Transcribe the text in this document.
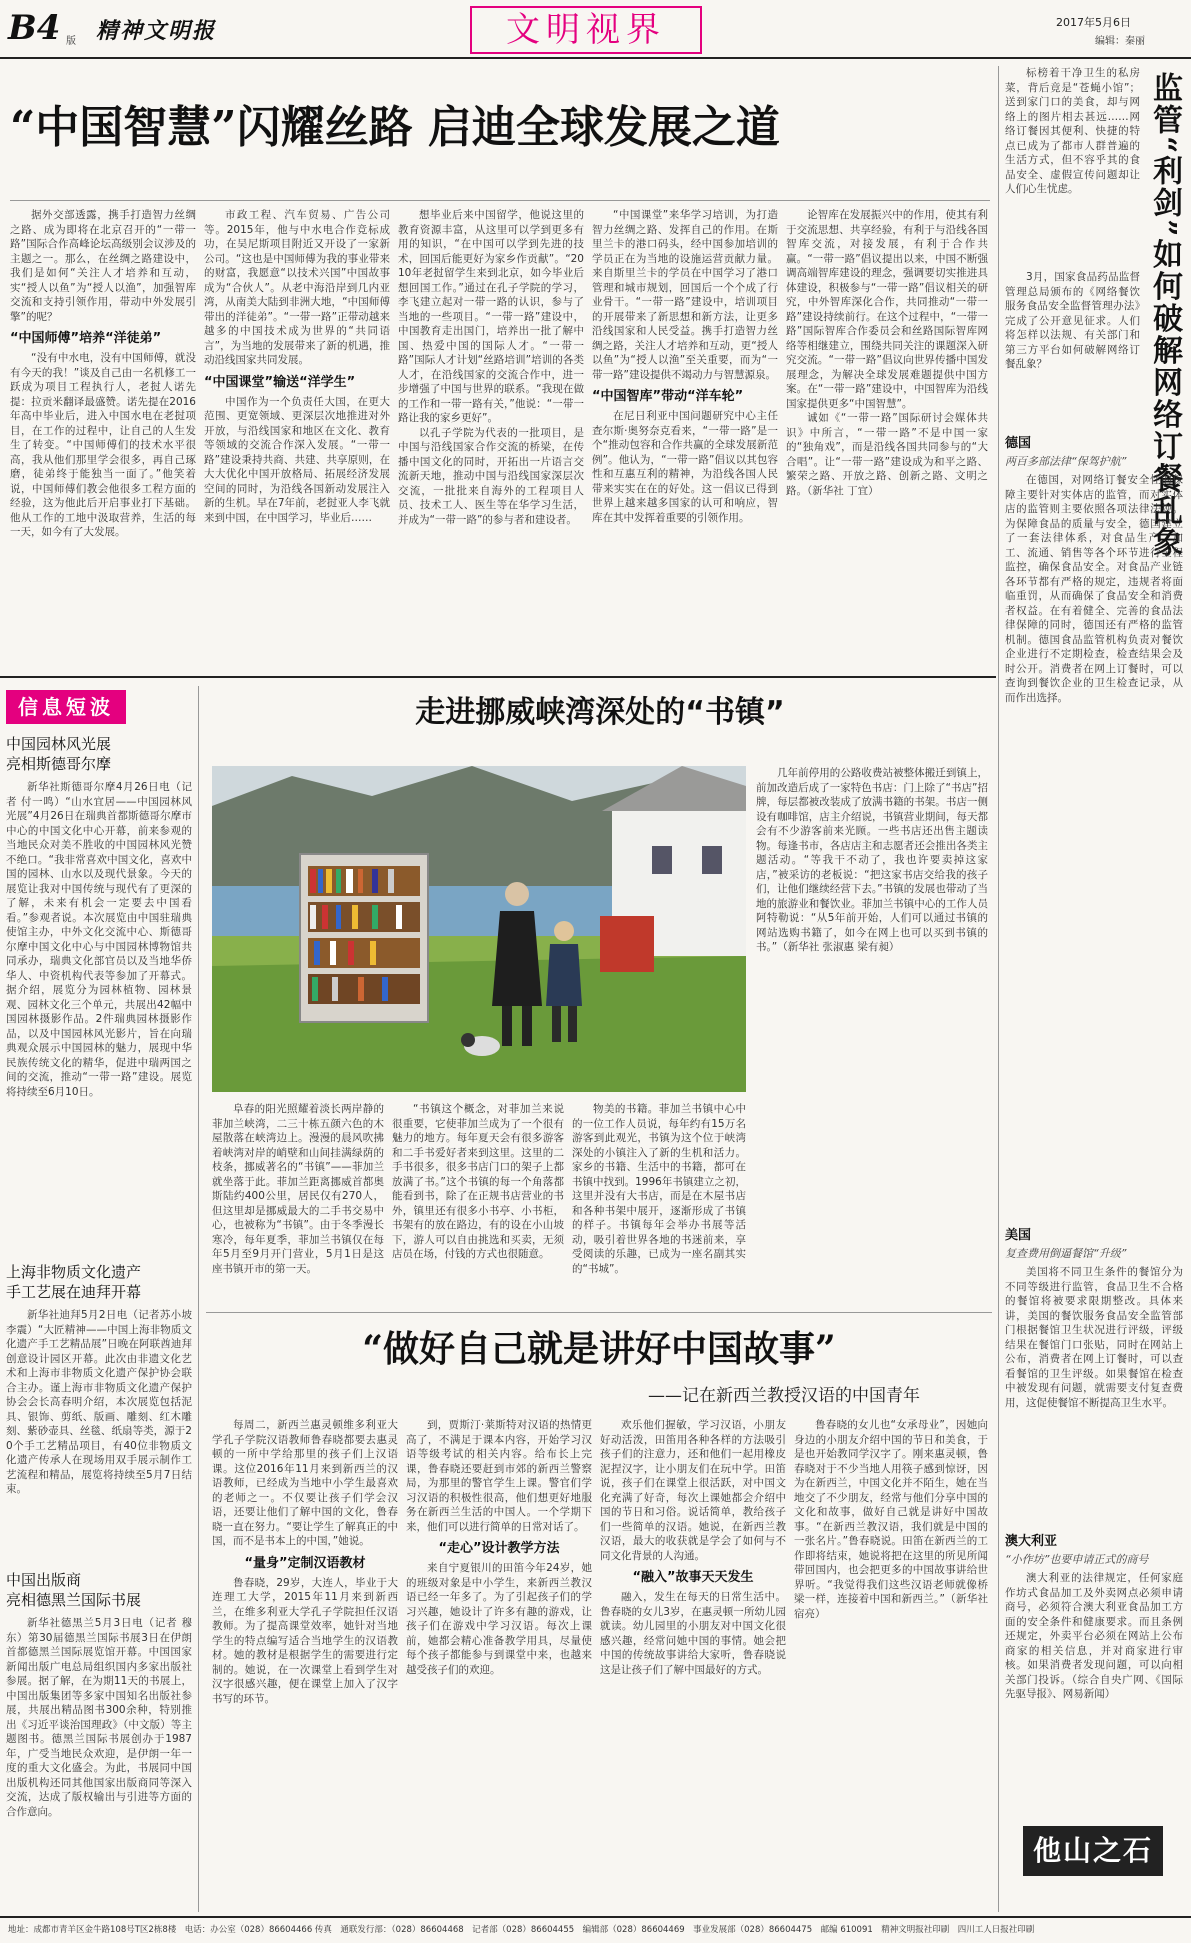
B4 版 精神文明报	文明视界	2017年5月6日
编辑：秦丽

标榜着干净卫生的私房菜，背后竟是“苍蝇小馆”；送到家门口的美食，却与网络上的图片相去甚远……网络订餐因其便利、快捷的特点已成为了都市人群普遍的生活方式，但不容乎其的食品安全、虚假宣传问题却让人们心生忧虑。	监管“利剑”如何破解网络订餐乱象

3月，国家食品药品监督管理总局颁布的《网络餐饮服务食品安全监督管理办法》完成了公开意见征求。人们将怎样以法规、有关部门和第三方平台如何破解网络订餐乱象？

德国
两百多部法律“保驾护航”

在德国，对网络订餐安全性的保障主要针对实体店的监管，而对实体店的监管则主要依照各项法律法规。为保障食品的质量与安全，德国建立了一套法律体系，对食品生产、加工、流通、销售等各个环节进行全程监控，确保食品安全。对食品产业链各环节都有严格的规定，违规者将面临重罚，从而确保了食品安全和消费者权益。在有着健全、完善的食品法律保障的同时，德国还有严格的监管机制。德国食品监管机构负责对餐饮企业进行不定期检查，检查结果会及时公开。消费者在网上订餐时，可以查询到餐饮企业的卫生检查记录，从而作出选择。

美国
复查费用倒逼餐馆“升级”

美国将不同卫生条件的餐馆分为不同等级进行监管，食品卫生不合格的餐馆将被要求限期整改。具体来讲，美国的餐饮服务食品安全监管部门根据餐馆卫生状况进行评级，评级结果在餐馆门口张贴，同时在网站上公布，消费者在网上订餐时，可以查看餐馆的卫生评级。如果餐馆在检查中被发现有问题，就需要支付复查费用，这促使餐馆不断提高卫生水平。

澳大利亚
“小作坊”也要申请正式的商号

澳大利亚的法律规定，任何家庭作坊式食品加工及外卖网点必须申请商号，必须符合澳大利亚食品加工方面的安全条件和健康要求。而且条例还规定，外卖平台必须在网站上公布商家的相关信息，并对商家进行审核。如果消费者发现问题，可以向相关部门投诉。（综合自央广网、《国际先驱导报》、网易新闻）

他山之石
“中国智慧”闪耀丝路 启迪全球发展之道

据外交部透露，携手打造智力丝绸之路、成为即将在北京召开的“一带一路”国际合作高峰论坛高级别会议涉及的主题之一。那么，在丝绸之路建设中，我们是如何“关注人才培养和互动，实“授人以鱼”为“授人以渔”，加强智库交流和支持引领作用，带动中外发展引擎”的呢？

“中国师傅”培养“洋徒弟”

“没有中水电，没有中国师傅，就没有今天的我！”谈及自己由一名机修工一跃成为项目工程执行人，老挝人诺先提：拉贡米翻译最盛赞。诺先提在2016年高中毕业后，进入中国水电在老挝项目，在工作的过程中，让自己的人生发生了转变。“中国师傅们的技术水平很高，我从他们那里学会很多，再自己琢磨，徒弟终于能独当一面了。”他笑着说，中国师傅们教会他很多工程方面的经验，这为他此后开启事业打下基础。他从工作的工地中汲取营养，生活的每一天，如今有了大发展。

市政工程、汽车贸易、广告公司等。2015年，他与中水电合作竞标成功，在吴尼斯项目附近又开设了一家新公司。“这也是中国师傅为我的事业带来的财富，我愿意“以技术兴国”中国故事成为“合伙人”。从老中海沿岸到几内亚湾，从南美大陆到非洲大地，“中国师傅带出的洋徒弟”。“一带一路”正带动越来越多的中国技术成为世界的“共同语言”，为当地的发展带来了新的机遇，推动沿线国家共同发展。

“中国课堂”输送“洋学生”

中国作为一个负责任大国，在更大范围、更宽领域、更深层次地推进对外开放，与沿线国家和地区在文化、教育等领域的交流合作深入发展。“一带一路”建设秉持共商、共建、共享原则，在大大优化中国开放格局、拓展经济发展空间的同时，为沿线各国新动发展注入新的生机。早在7年前，老挝亚人李飞就来到中国，在中国学习，毕业后……

想毕业后来中国留学，他说这里的教育资源丰富，从这里可以学到更多有用的知识，“在中国可以学到先进的技术，回国后能更好为家乡作贡献”。“2010年老挝留学生来到北京，如今毕业后想回国工作。”通过在孔子学院的学习，李飞建立起对一带一路的认识，参与了当地的一些项目。“一带一路”建设中，中国教育走出国门，培养出一批了解中国、热爱中国的国际人才。“一带一路”国际人才计划“丝路培训”培训的各类人才，在沿线国家的交流合作中，进一步增强了中国与世界的联系。“我现在做的工作和一带一路有关，”他说：“一带一路让我的家乡更好”。

以孔子学院为代表的一批项目，是中国与沿线国家合作交流的桥梁，在传播中国文化的同时，开拓出一片语言交流新天地，推动中国与沿线国家深层次交流，一批批来自海外的工程项目人员、技术工人、医生等在华学习生活，并成为“一带一路”的参与者和建设者。

“中国课堂”来华学习培训，为打造智力丝绸之路、发挥自己的作用。在斯里兰卡的港口码头，经中国参加培训的学员正在为当地的设施运营贡献力量。来自斯里兰卡的学员在中国学习了港口管理和城市规划，回国后一个个成了行业骨干。“一带一路”建设中，培训项目的开展带来了新思想和新方法，让更多沿线国家和人民受益。携手打造智力丝绸之路，关注人才培养和互动，更“授人以鱼”为“授人以渔”至关重要，而为“一带一路”建设提供不竭动力与智慧源泉。

“中国智库”带动“洋车轮”

在尼日利亚中国问题研究中心主任查尔斯·奥努奈克看来，“一带一路”是一个“推动包容和合作共赢的全球发展新范例”。他认为，“一带一路”倡议以其包容性和互惠互利的精神，为沿线各国人民带来实实在在的好处。这一倡议已得到世界上越来越多国家的认可和响应，智库在其中发挥着重要的引领作用。

论智库在发展振兴中的作用，使其有利于交流思想、共享经验，有利于与沿线各国智库交流，对接发展，有利于合作共赢。“一带一路”倡议提出以来，中国不断强调高端智库建设的理念，强调要切实推进具体建设，积极参与“一带一路”倡议相关的研究，中外智库深化合作，共同推动“一带一路”建设持续前行。在这个过程中，“一带一路”国际智库合作委员会和丝路国际智库网络等相继建立，围绕共同关注的课题深入研究交流。“一带一路”倡议向世界传播中国发展理念，为解决全球发展难题提供中国方案。在“一带一路”建设中，中国智库为沿线国家提供更多“中国智慧”。

诚如《“一带一路”国际研讨会媒体共识》中所言，“一带一路”不是中国一家的“独角戏”，而是沿线各国共同参与的“大合唱”。让“一带一路”建设成为和平之路、繁荣之路、开放之路、创新之路、文明之路。（新华社 丁宜）

信息短波
中国园林风光展
亮相斯德哥尔摩

新华社斯德哥尔摩4月26日电（记者 付一鸣）“山水宜居——中国园林风光展”4月26日在瑞典首都斯德哥尔摩市中心的中国文化中心开幕，前来参观的当地民众对美不胜收的中国园林风光赞不绝口。“我非常喜欢中国文化，喜欢中国的园林、山水以及现代景象。今天的展览让我对中国传统与现代有了更深的了解，未来有机会一定要去中国看看。”参观者说。本次展览由中国驻瑞典使馆主办，中外文化交流中心、斯德哥尔摩中国文化中心与中国园林博物馆共同承办，瑞典文化部官员以及当地华侨华人、中资机构代表等参加了开幕式。据介绍，展览分为园林植物、园林景观、园林文化三个单元，共展出42幅中国园林摄影作品。2件瑞典园林摄影作品，以及中国园林风光影片，旨在向瑞典观众展示中国园林的魅力，展现中华民族传统文化的精华，促进中瑞两国之间的交流，推动“一带一路”建设。展览将持续至6月10日。

上海非物质文化遗产
手工艺展在迪拜开幕

新华社迪拜5月2日电（记者苏小坡 李震）“大匠精神——中国上海非物质文化遗产手工艺精品展”日晚在阿联酋迪拜创意设计园区开幕。此次由非遗文化艺术和上海市非物质文化遗产保护协会联合主办。谨上海市非物质文化遗产保护协会会长高春明介绍，本次展览包括泥具、银饰、剪纸、版画、雕刻、红木雕刻、紫砂壶具、丝毯、纸扇等类，源于20个手工艺精品项目，有40位非物质文化遗产传承人在现场用双手展示制作工艺流程和精品，展览将持续至5月7日结束。

中国出版商
亮相德黑兰国际书展

新华社德黑兰5月3日电（记者 穆东）第30届德黑兰国际书展3日在伊朗首都德黑兰国际展览馆开幕。中国国家新闻出版广电总局组织国内多家出版社参展。据了解，在为期11天的书展上，中国出版集团等多家中国知名出版社参展，共展出精品图书300余种，特别推出《习近平谈治国理政》（中文版）等主题图书。德黑兰国际书展创办于1987年，广受当地民众欢迎，是伊朗一年一度的重大文化盛会。为此，书展同中国出版机构还同其他国家出版商同等深入交流，达成了版权输出与引进等方面的合作意向。

走进挪威峡湾深处的“书镇”

几年前停用的公路收费站被整体搬迁到镇上，前加改造后成了一家特色书店：门上除了“书店”招牌，每层都被改装成了放满书籍的书架。书店一侧设有咖啡馆，店主介绍说，书镇营业期间，每天都会有不少游客前来光顾。一些书店还出售主题读物。每逢书市，各店店主和志愿者还会推出各类主题活动。“等我干不动了，我也许要卖掉这家店，”被采访的老板说：“把这家书店交给我的孩子们，让他们继续经营下去。”书镇的发展也带动了当地的旅游业和餐饮业。菲加兰书镇中心的工作人员阿特勒说：“从5年前开始，人们可以通过书镇的网站选购书籍了，如今在网上也可以买到书镇的书。”（新华社 张淑惠 梁有昶）

阜春的阳光照耀着淡长两岸静的菲加兰峡湾，二三十栋五颜六色的木屋散落在峡湾边上。漫漫的晨风吹拂着峡湾对岸的峭壁和山间挂满绿荫的枝条，挪威著名的“书镇”——菲加兰就坐落于此。菲加兰距离挪威首都奥斯陆约400公里，居民仅有270人，但这里却是挪威最大的二手书交易中心，也被称为“书镇”。由于冬季漫长寒冷，每年夏季，菲加兰书镇仅在每年5月至9月开门营业，5月1日是这座书镇开市的第一天。

“书镇这个概念，对菲加兰来说很重要，它使菲加兰成为了一个很有魅力的地方。每年夏天会有很多游客和二手书爱好者来到这里。这里的二手书很多，很多书店门口的架子上都放满了书。”这个书镇的每一个角落都能看到书，除了在正规书店营业的书外，镇里还有很多小书亭、小书柜，书架有的放在路边，有的设在小山坡下，游人可以自由挑选和买卖，无须店员在场，付钱的方式也很随意。

物美的书籍。菲加兰书镇中心中的一位工作人员说，每年约有15万名游客到此观光，书镇为这个位于峡湾深处的小镇注入了新的生机和活力。家乡的书籍、生活中的书籍，都可在书镇中找到。1996年书镇建立之初，这里并没有大书店，而是在木屋书店和各种书架中展开，逐渐形成了书镇的样子。书镇每年会举办书展等活动，吸引着世界各地的书迷前来，享受阅读的乐趣，已成为一座名副其实的“书城”。

“做好自己就是讲好中国故事”
——记在新西兰教授汉语的中国青年

每周二，新西兰惠灵顿维多利亚大学孔子学院汉语教师鲁春晓都要去惠灵顿的一所中学给那里的孩子们上汉语课。这位2016年11月来到新西兰的汉语教师，已经成为当地中小学生最喜欢的老师之一。不仅要让孩子们学会汉语，还要让他们了解中国的文化，鲁春晓一直在努力。“要让学生了解真正的中国，而不是书本上的中国，”她说。

“量身”定制汉语教材

鲁春晓，29岁，大连人，毕业于大连理工大学，2015年11月来到新西兰，在维多利亚大学孔子学院担任汉语教师。为了提高课堂效率，她针对当地学生的特点编写适合当地学生的汉语教材。她的教材是根据学生的需要进行定制的。她说，在一次课堂上看到学生对汉字很感兴趣，便在课堂上加入了汉字书写的环节。

到，贾斯汀·莱斯特对汉语的热情更高了，不满足于课本内容，开始学习汉语等级考试的相关内容。给布长上完课，鲁春晓还要赶到市郊的新西兰警察局，为那里的警官学生上课。警官们学习汉语的积极性很高，他们想更好地服务在新西兰生活的中国人。一个学期下来，他们可以进行简单的日常对话了。

“走心”设计教学方法

来自宁夏银川的田笛今年24岁，她的班级对象是中小学生，来新西兰教汉语已经一年多了。为了引起孩子们的学习兴趣，她设计了许多有趣的游戏，让孩子们在游戏中学习汉语。每次上课前，她都会精心准备教学用具，尽量使每个孩子都能参与到课堂中来，也越来越受孩子们的欢迎。

欢乐他们握敏，学习汉语，小朋友好动活泼，田笛用各种各样的方法吸引孩子们的注意力，还和他们一起用橡皮泥捏汉字，让小朋友们在玩中学。田笛说，孩子们在课堂上很活跃，对中国文化充满了好奇，每次上课她都会介绍中国的节日和习俗。说话简单，教给孩子们一些简单的汉语。她说，在新西兰教汉语，最大的收获就是学会了如何与不同文化背景的人沟通。

“融入”故事天天发生

融入，发生在每天的日常生活中。鲁春晓的女儿3岁，在惠灵顿一所幼儿园就读。幼儿园里的小朋友对中国文化很感兴趣，经常问她中国的事情。她会把中国的传统故事讲给大家听，鲁春晓说这是让孩子们了解中国最好的方式。

鲁春晓的女儿也“女承母业”，因她向身边的小朋友介绍中国的节日和美食，于是也开始教同学汉字了。刚来惠灵顿，鲁春晓对于不少当地人用筷子感到惊讶，因为在新西兰，中国文化并不陌生，她在当地交了不少朋友，经常与他们分享中国的文化和故事，做好自己就是讲好中国故事。“在新西兰教汉语，我们就是中国的一张名片。”鲁春晓说。田笛在新西兰的工作即将结束，她说将把在这里的所见所闻带回国内，也会把更多的中国故事讲给世界听。“我觉得我们这些汉语老师就像桥梁一样，连接着中国和新西兰。”（新华社 宿亮）

地址：成都市青羊区金牛路108号T区2栋8楼　电话：办公室（028）86604466 传真　通联发行部：（028）86604468　记者部（028）86604455　编辑部（028）86604469　事业发展部（028）86604475　邮编 610091　精神文明报社印刷　四川工人日报社印刷
